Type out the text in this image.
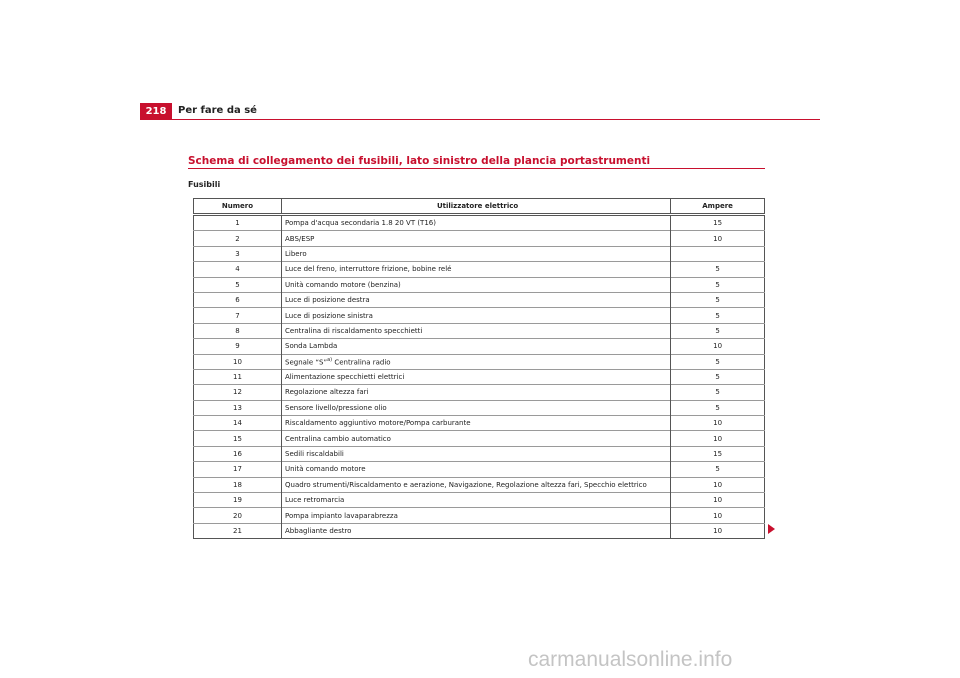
218	Per fare da sé
Schema di collegamento dei fusibili, lato sinistro della plancia portastrumenti
Fusibili
Numero	Utilizzatore elettrico	Ampere
1	Pompa d'acqua secondaria 1.8 20 VT (T16)	15
2	ABS/ESP	10
3	Libero	
4	Luce del freno, interruttore frizione, bobine relé	5
5	Unità comando motore (benzina)	5
6	Luce di posizione destra	5
7	Luce di posizione sinistra	5
8	Centralina di riscaldamento specchietti	5
9	Sonda Lambda	10
10	Segnale “S”$^{a)}$ Centralina radio	5
11	Alimentazione specchietti elettrici	5
12	Regolazione altezza fari	5
13	Sensore livello/pressione olio	5
14	Riscaldamento aggiuntivo motore/Pompa carburante	10
15	Centralina cambio automatico	10
16	Sedili riscaldabili	15
17	Unità comando motore	5
18	Quadro strumenti/Riscaldamento e aerazione, Navigazione, Regolazione altezza fari, Specchio elettrico	10
19	Luce retromarcia	10
20	Pompa impianto lavaparabrezza	10
21	Abbagliante destro	10
carmanualsonline.info
